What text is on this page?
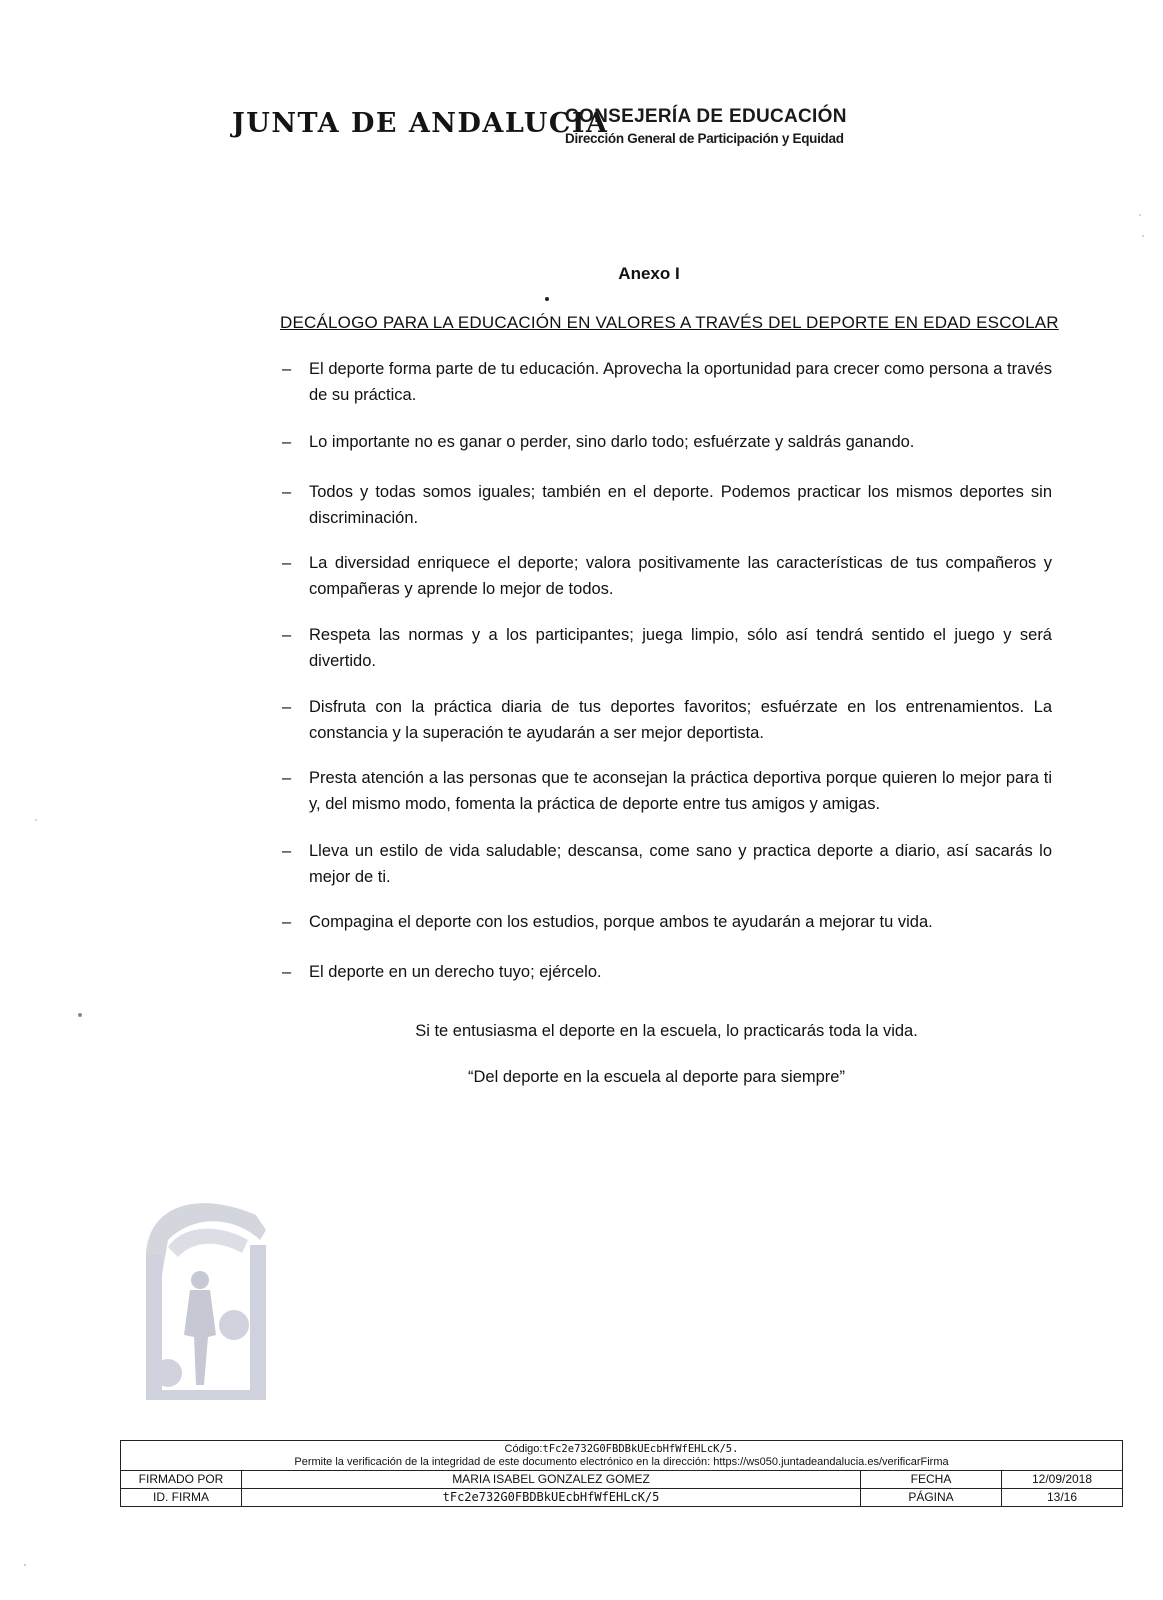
JUNTA DE ANDALUCIA
CONSEJERÍA DE EDUCACIÓN
Dirección General de Participación y Equidad
Anexo I
DECÁLOGO PARA LA EDUCACIÓN EN VALORES A TRAVÉS DEL DEPORTE EN EDAD ESCOLAR
– El deporte forma parte de tu educación. Aprovecha la oportunidad para crecer como persona a través de su práctica.
– Lo importante no es ganar o perder, sino darlo todo; esfuérzate y saldrás ganando.
– Todos y todas somos iguales; también en el deporte. Podemos practicar los mismos deportes sin discriminación.
– La diversidad enriquece el deporte; valora positivamente las características de tus compañeros y compañeras y aprende lo mejor de todos.
– Respeta las normas y a los participantes; juega limpio, sólo así tendrá sentido el juego y será divertido.
– Disfruta con la práctica diaria de tus deportes favoritos; esfuérzate en los entrenamientos. La constancia y la superación te ayudarán a ser mejor deportista.
– Presta atención a las personas que te aconsejan la práctica deportiva porque quieren lo mejor para ti y, del mismo modo, fomenta la práctica de deporte entre tus amigos y amigas.
– Lleva un estilo de vida saludable; descansa, come sano y practica deporte a diario, así sacarás lo mejor de ti.
– Compagina el deporte con los estudios, porque ambos te ayudarán a mejorar tu vida.
– El deporte en un derecho tuyo; ejércelo.
Si te entusiasma el deporte en la escuela, lo practicarás toda la vida.
“Del deporte en la escuela al deporte para siempre”
Código:tFc2e732G0FBDBkUEcbHfWfEHLcK/5.
Permite la verificación de la integridad de este documento electrónico en la dirección: https://ws050.juntadeandalucia.es/verificarFirma
FIRMADO POR	MARIA ISABEL GONZALEZ GOMEZ	FECHA	12/09/2018
ID. FIRMA	tFc2e732G0FBDBkUEcbHfWfEHLcK/5	PÁGINA	13/16
